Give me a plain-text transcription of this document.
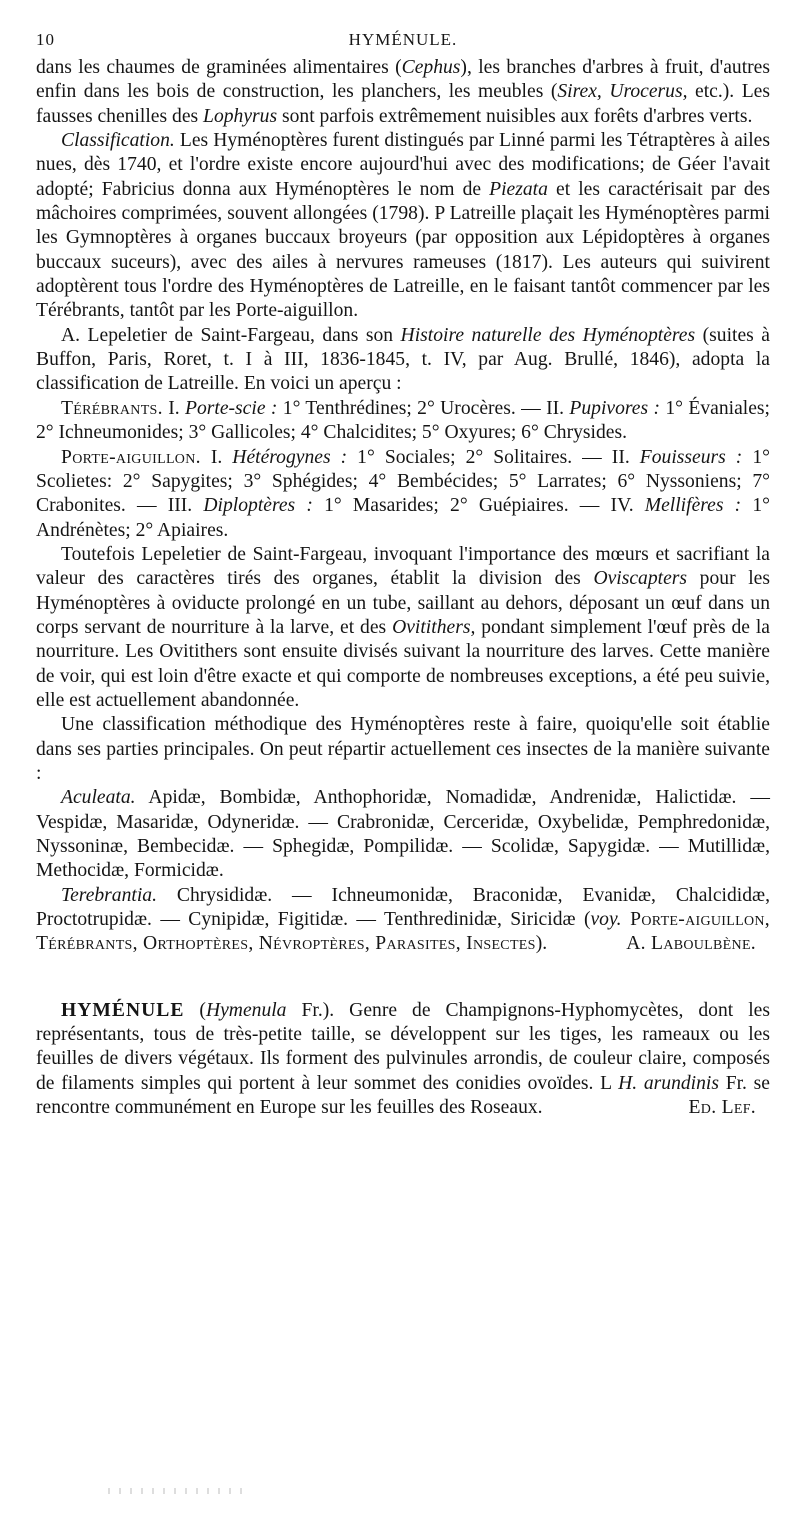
10	HYMÉNULE.

dans les chaumes de graminées alimentaires (Cephus), les branches d'arbres à fruit, d'autres enfin dans les bois de construction, les planchers, les meubles (Sirex, Urocerus, etc.). Les fausses chenilles des Lophyrus sont parfois extrêmement nuisibles aux forêts d'arbres verts.

Classification. Les Hyménoptères furent distingués par Linné parmi les Tétraptères à ailes nues, dès 1740, et l'ordre existe encore aujourd'hui avec des modifications; de Géer l'avait adopté; Fabricius donna aux Hyménoptères le nom de Piezata et les caractérisait par des mâchoires comprimées, souvent allongées (1798). P Latreille plaçait les Hyménoptères parmi les Gymnoptères à organes buccaux broyeurs (par opposition aux Lépidoptères à organes buccaux suceurs), avec des ailes à nervures rameuses (1817). Les auteurs qui suivirent adoptèrent tous l'ordre des Hyménoptères de Latreille, en le faisant tantôt commencer par les Térébrants, tantôt par les Porte-aiguillon.

A. Lepeletier de Saint-Fargeau, dans son Histoire naturelle des Hyménoptères (suites à Buffon, Paris, Roret, t. I à III, 1836-1845, t. IV, par Aug. Brullé, 1846), adopta la classification de Latreille. En voici un aperçu :

Térébrants. I. Porte-scie : 1° Tenthrédines; 2° Urocères. — II. Pupivores : 1° Évaniales; 2° Ichneumonides; 3° Gallicoles; 4° Chalcidites; 5° Oxyures; 6° Chrysides.

Porte-aiguillon. I. Hétérogynes : 1° Sociales; 2° Solitaires. — II. Fouisseurs : 1° Scolietes: 2° Sapygites; 3° Sphégides; 4° Bembécides; 5° Larrates; 6° Nyssoniens; 7° Crabonites. — III. Diploptères : 1° Masarides; 2° Guépiaires. — IV. Mellifères : 1° Andrénètes; 2° Apiaires.

Toutefois Lepeletier de Saint-Fargeau, invoquant l'importance des mœurs et sacrifiant la valeur des caractères tirés des organes, établit la division des Oviscapters pour les Hyménoptères à oviducte prolongé en un tube, saillant au dehors, déposant un œuf dans un corps servant de nourriture à la larve, et des Ovitithers, pondant simplement l'œuf près de la nourriture. Les Ovitithers sont ensuite divisés suivant la nourriture des larves. Cette manière de voir, qui est loin d'être exacte et qui comporte de nombreuses exceptions, a été peu suivie, elle est actuellement abandonnée.

Une classification méthodique des Hyménoptères reste à faire, quoiqu'elle soit établie dans ses parties principales. On peut répartir actuellement ces insectes de la manière suivante :

Aculeata. Apidæ, Bombidæ, Anthophoridæ, Nomadidæ, Andrenidæ, Halictidæ. — Vespidæ, Masaridæ, Odyneridæ. — Crabronidæ, Cerceridæ, Oxybelidæ, Pemphredonidæ, Nyssoninæ, Bembecidæ. — Sphegidæ, Pompilidæ. — Scolidæ, Sapygidæ. — Mutillidæ, Methocidæ, Formicidæ.

Terebrantia. Chrysididæ. — Ichneumonidæ, Braconidæ, Evanidæ, Chalcididæ, Proctotrupidæ. — Cynipidæ, Figitidæ. — Tenthredinidæ, Siricidæ (voy. Porte-aiguillon, Térébrants, Orthoptères, Névroptères, Parasites, Insectes).	A. Laboulbène.

HYMÉNULE (Hymenula Fr.). Genre de Champignons-Hyphomycètes, dont les représentants, tous de très-petite taille, se développent sur les tiges, les rameaux ou les feuilles de divers végétaux. Ils forment des pulvinules arrondis, de couleur claire, composés de filaments simples qui portent à leur sommet des conidies ovoïdes. L H. arundinis Fr. se rencontre communément en Europe sur les feuilles des Roseaux.	Ed. Lef.
